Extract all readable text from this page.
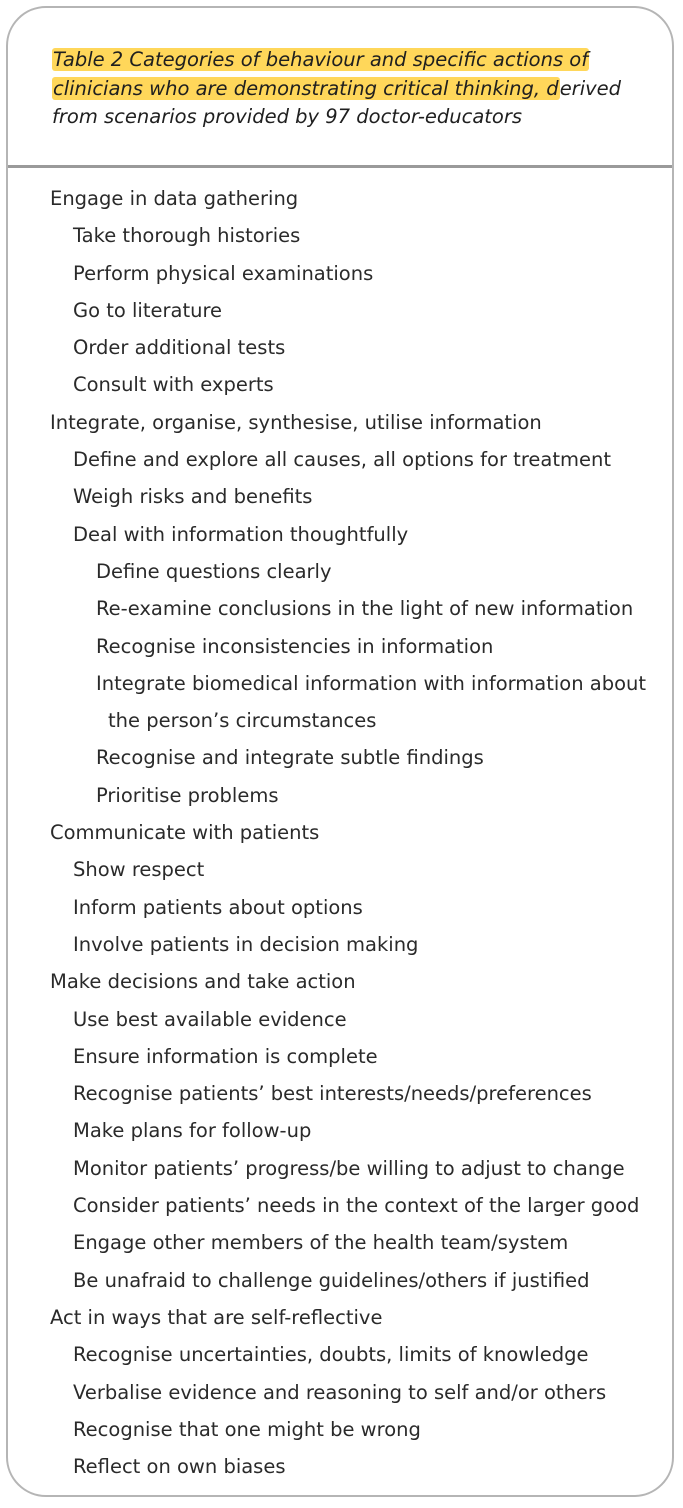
Table 2 Categories of behaviour and specific actions of
clinicians who are demonstrating critical thinking, derived
from scenarios provided by 97 doctor-educators
Engage in data gathering
Take thorough histories
Perform physical examinations
Go to literature
Order additional tests
Consult with experts
Integrate, organise, synthesise, utilise information
Define and explore all causes, all options for treatment
Weigh risks and benefits
Deal with information thoughtfully
Define questions clearly
Re-examine conclusions in the light of new information
Recognise inconsistencies in information
Integrate biomedical information with information about
the person’s circumstances
Recognise and integrate subtle findings
Prioritise problems
Communicate with patients
Show respect
Inform patients about options
Involve patients in decision making
Make decisions and take action
Use best available evidence
Ensure information is complete
Recognise patients’ best interests/needs/preferences
Make plans for follow-up
Monitor patients’ progress/be willing to adjust to change
Consider patients’ needs in the context of the larger good
Engage other members of the health team/system
Be unafraid to challenge guidelines/others if justified
Act in ways that are self-reflective
Recognise uncertainties, doubts, limits of knowledge
Verbalise evidence and reasoning to self and/or others
Recognise that one might be wrong
Reflect on own biases
